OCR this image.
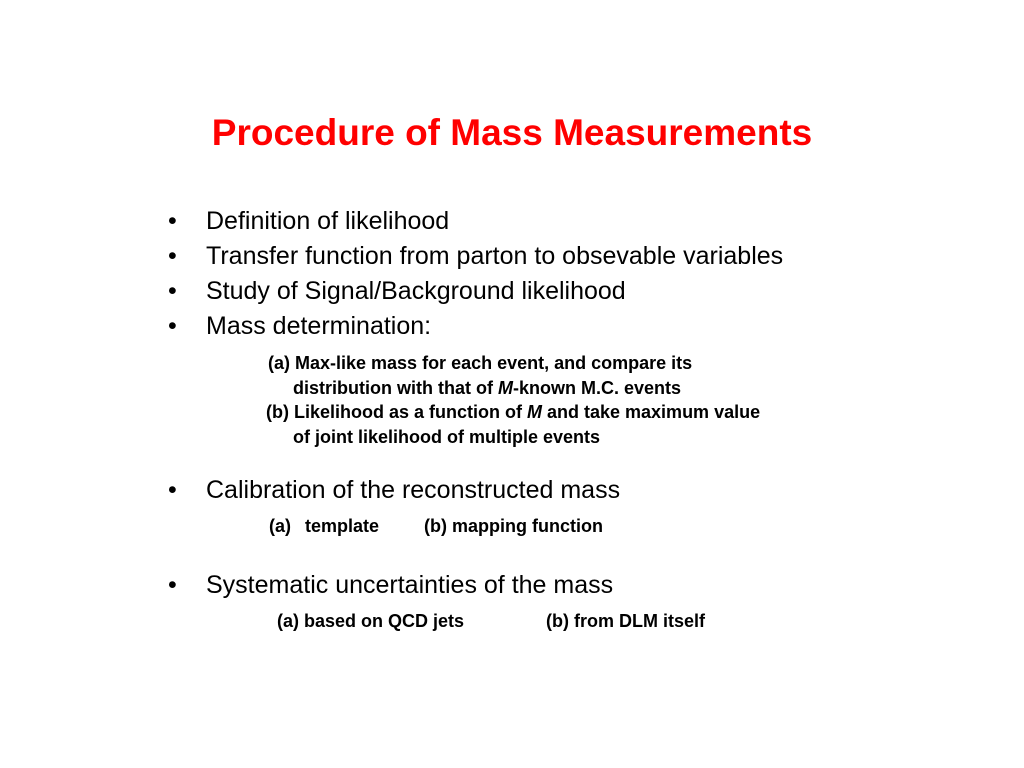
Procedure of Mass Measurements
• Definition of likelihood
• Transfer function from parton to obsevable variables
• Study of Signal/Background likelihood
• Mass determination:
(a) Max-like mass for each event, and compare its
distribution with that of M-known M.C. events
(b) Likelihood as a function of M and take maximum value
of joint likelihood of multiple events
• Calibration of the reconstructed mass
(a) template (b) mapping function
• Systematic uncertainties of the mass
(a) based on QCD jets	(b) from DLM itself
